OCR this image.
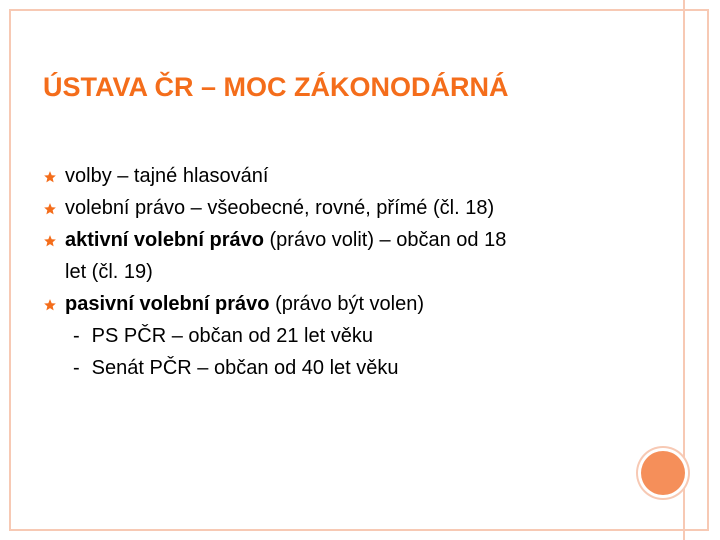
ÚSTAVA ČR – MOC ZÁKONODÁRNÁ
volby – tajné hlasování
volební právo – všeobecné, rovné, přímé (čl. 18)
aktivní volební právo (právo volit) – občan od 18
let (čl. 19)
pasivní volební právo (právo být volen)
- PS PČR – občan od 21 let věku
- Senát PČR – občan od 40 let věku
